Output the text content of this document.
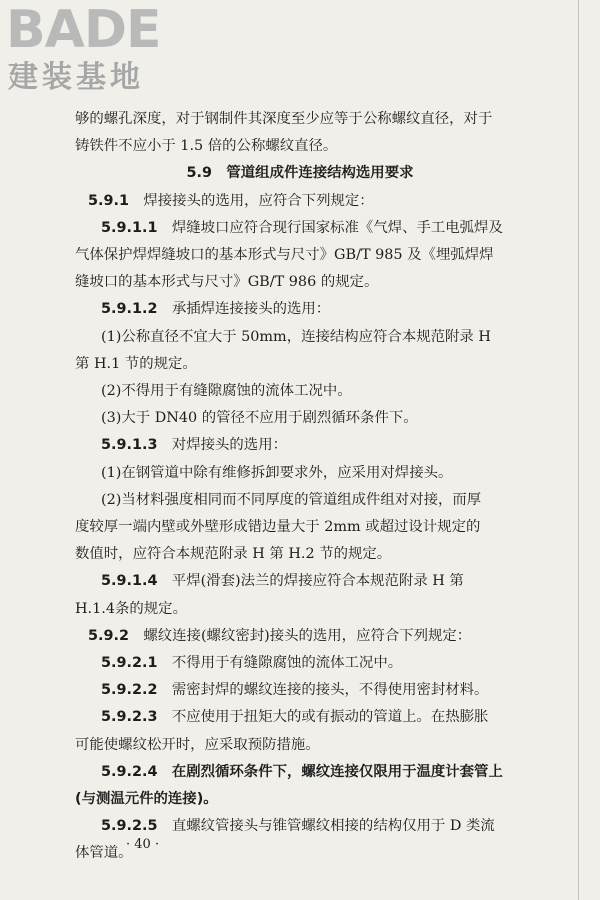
BADE
建装基地
够的螺孔深度，对于钢制件其深度至少应等于公称螺纹直径，对于
铸铁件不应小于 1.5 倍的公称螺纹直径。
5.9　管道组成件连接结构选用要求
5.9.1　焊接接头的选用，应符合下列规定：
5.9.1.1　焊缝坡口应符合现行国家标准《气焊、手工电弧焊及
气体保护焊焊缝坡口的基本形式与尺寸》GB/T 985 及《埋弧焊焊
缝坡口的基本形式与尺寸》GB/T 986 的规定。
5.9.1.2　承插焊连接接头的选用：
(1)公称直径不宜大于 50mm，连接结构应符合本规范附录 H
第 H.1 节的规定。
(2)不得用于有缝隙腐蚀的流体工况中。
(3)大于 DN40 的管径不应用于剧烈循环条件下。
5.9.1.3　对焊接头的选用：
(1)在钢管道中除有维修拆卸要求外，应采用对焊接头。
(2)当材料强度相同而不同厚度的管道组成件组对对接，而厚
度较厚一端内壁或外壁形成错边量大于 2mm 或超过设计规定的
数值时，应符合本规范附录 H 第 H.2 节的规定。
5.9.1.4　平焊(滑套)法兰的焊接应符合本规范附录 H 第
H.1.4条的规定。
5.9.2　螺纹连接(螺纹密封)接头的选用，应符合下列规定：
5.9.2.1　不得用于有缝隙腐蚀的流体工况中。
5.9.2.2　需密封焊的螺纹连接的接头，不得使用密封材料。
5.9.2.3　不应使用于扭矩大的或有振动的管道上。在热膨胀
可能使螺纹松开时，应采取预防措施。
5.9.2.4　在剧烈循环条件下，螺纹连接仅限用于温度计套管上
(与测温元件的连接)。
5.9.2.5　直螺纹管接头与锥管螺纹相接的结构仅用于 D 类流
体管道。
· 40 ·
